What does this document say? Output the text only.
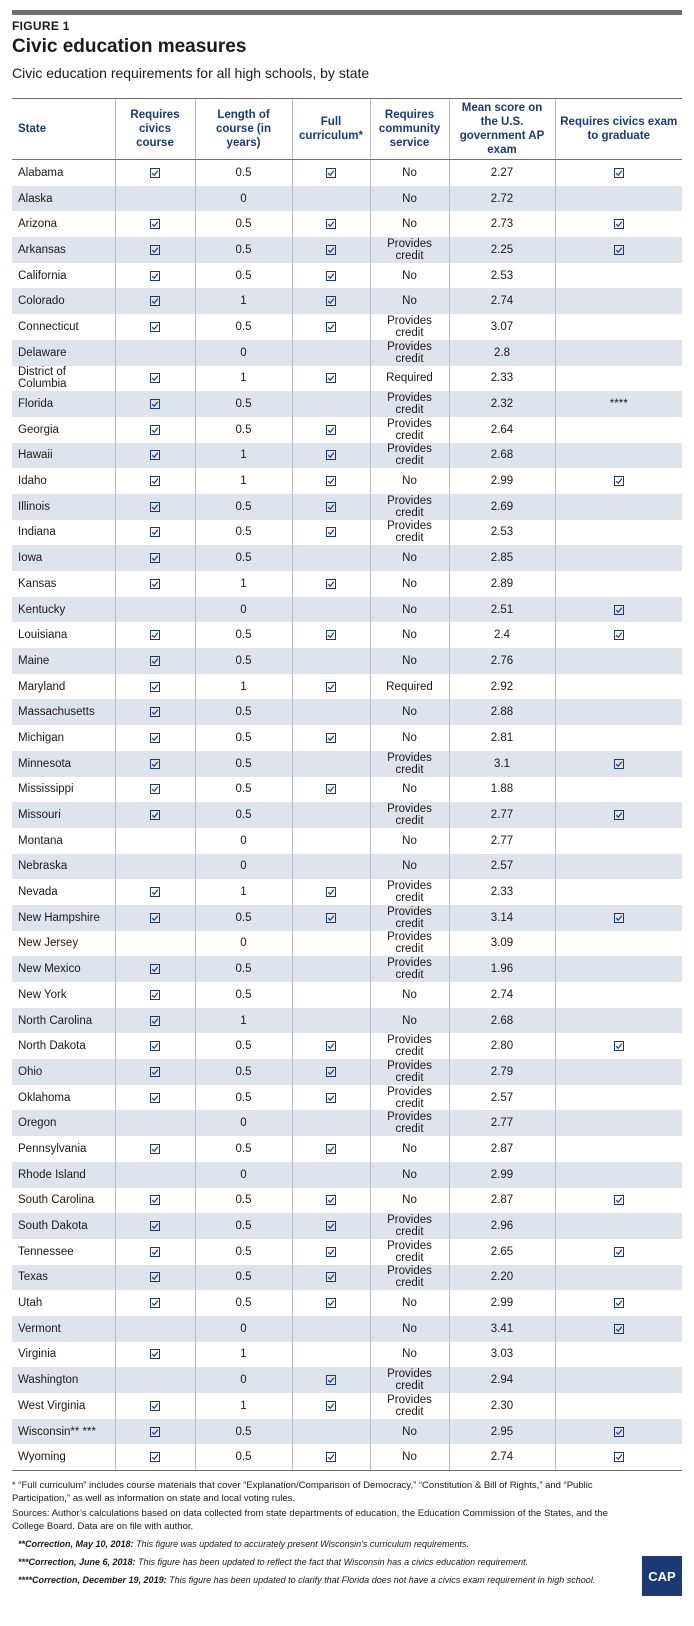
FIGURE 1
Civic education measures
Civic education requirements for all high schools, by state
State	Requires civics course	Length of course (in years)	Full curriculum*	Requires community service	Mean score on the U.S. government AP exam	Requires civics exam to graduate
Alabama		0.5		No	2.27	
Alaska		0		No	2.72	
Arizona		0.5		No	2.73	
Arkansas		0.5		Provides credit	2.25	
California		0.5		No	2.53	
Colorado		1		No	2.74	
Connecticut		0.5		Provides credit	3.07	
Delaware		0		Provides credit	2.8	
District of Columbia		1		Required	2.33	
Florida		0.5		Provides credit	2.32	****
Georgia		0.5		Provides credit	2.64	
Hawaii		1		Provides credit	2.68	
Idaho		1		No	2.99	
Illinois		0.5		Provides credit	2.69	
Indiana		0.5		Provides credit	2.53	
Iowa		0.5		No	2.85	
Kansas		1		No	2.89	
Kentucky		0		No	2.51	
Louisiana		0.5		No	2.4	
Maine		0.5		No	2.76	
Maryland		1		Required	2.92	
Massachusetts		0.5		No	2.88	
Michigan		0.5		No	2.81	
Minnesota		0.5		Provides credit	3.1	
Mississippi		0.5		No	1.88	
Missouri		0.5		Provides credit	2.77	
Montana		0		No	2.77	
Nebraska		0		No	2.57	
Nevada		1		Provides credit	2.33	
New Hampshire		0.5		Provides credit	3.14	
New Jersey		0		Provides credit	3.09	
New Mexico		0.5		Provides credit	1.96	
New York		0.5		No	2.74	
North Carolina		1		No	2.68	
North Dakota		0.5		Provides credit	2.80	
Ohio		0.5		Provides credit	2.79	
Oklahoma		0.5		Provides credit	2.57	
Oregon		0		Provides credit	2.77	
Pennsylvania		0.5		No	2.87	
Rhode Island		0		No	2.99	
South Carolina		0.5		No	2.87	
South Dakota		0.5		Provides credit	2.96	
Tennessee		0.5		Provides credit	2.65	
Texas		0.5		Provides credit	2.20	
Utah		0.5		No	2.99	
Vermont		0		No	3.41	
Virginia		1		No	3.03	
Washington		0		Provides credit	2.94	
West Virginia		1		Provides credit	2.30	
Wisconsin** ***		0.5		No	2.95	
Wyoming		0.5		No	2.74	
* “Full curriculum” includes course materials that cover “Explanation/Comparison of Democracy,” “Constitution & Bill of Rights,” and “Public Participation,” as well as information on state and local voting rules.
Sources: Author’s calculations based on data collected from state departments of education, the Education Commission of the States, and the College Board. Data are on file with author.
**Correction, May 10, 2018: This figure was updated to accurately present Wisconsin’s curriculum requirements.
***Correction, June 6, 2018: This figure has been updated to reflect the fact that Wisconsin has a civics education requirement.
****Correction, December 19, 2019: This figure has been updated to clarify that Florida does not have a civics exam requirement in high school.	CAP
